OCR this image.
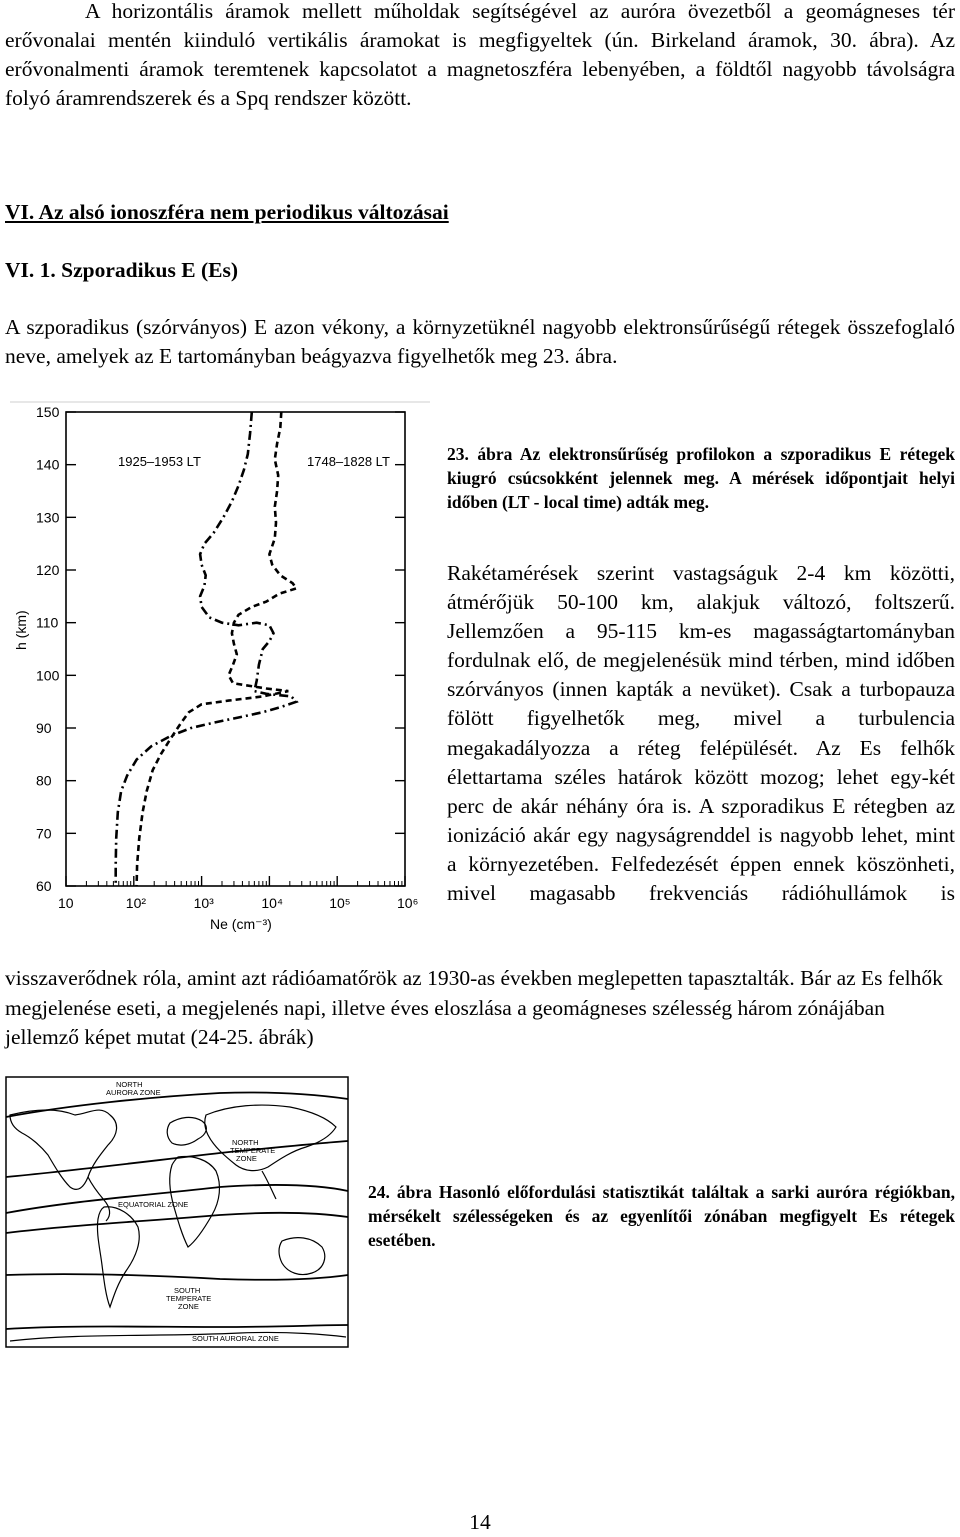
A horizontális áramok mellett műholdak segítségével az auróra övezetből a geomágneses tér erővonalai mentén kiinduló vertikális áramokat is megfigyeltek (ún. Birkeland áramok, 30. ábra). Az erővonalmenti áramok teremtenek kapcsolatot a magnetoszféra lebenyében, a földtől nagyobb távolságra folyó áramrendszerek és a Spq rendszer között.

VI. Az alsó ionoszféra nem periodikus változásai
VI. 1. Szporadikus E (Es)

A szporadikus (szórványos) E azon vékony, a környzetüknél nagyobb elektronsűrűségű rétegek összefoglaló neve, amelyek az E tartományban beágyazva figyelhetők meg 23. ábra.

150
140
130
120
110
100
90
80
70
60
10	10²	10³	10⁴	10⁵	10⁶
1925–1953 LT	1748–1828 LT
Ne (cm⁻³)
h (km)

23. ábra Az elektronsűrűség profilokon a szporadikus E rétegek kiugró csúcsokként jelennek meg. A mérések időpontjait helyi időben (LT - local time) adták meg.

Rakétamérések szerint vastagságuk 2-4 km közötti, átmérőjük 50-100 km, alakjuk változó, foltszerű. Jellemzően a 95-115 km-es magasságtartományban fordulnak elő, de megjelenésük mind térben, mind időben szórványos (innen kapták a nevüket). Csak a turbopauza fölött figyelhetők meg, mivel a turbulencia megakadályozza a réteg felépülését. Az Es felhők élettartama széles határok között mozog; lehet egy-két perc de akár néhány óra is. A szporadikus E rétegben az ionizáció akár egy nagyságrenddel is nagyobb lehet, mint a környezetében. Felfedezését éppen ennek köszönheti, mivel magasabb frekvenciás rádióhullámok is

visszaverődnek róla, amint azt rádióamatőrök az 1930-as években meglepetten tapasztalták. Bár az Es felhők megjelenése eseti, a megjelenés napi, illetve éves eloszlása a geomágneses szélesség három zónájában jellemző képet mutat (24-25. ábrák)

NORTH
AURORA ZONE
NORTH
TEMPERATE
ZONE
EQUATORIAL ZONE
SOUTH
TEMPERATE
ZONE
SOUTH AURORAL ZONE

24. ábra Hasonló előfordulási statisztikát találtak a sarki auróra régiókban, mérsékelt szélességeken és az egyenlítői zónában megfigyelt Es rétegek esetében.

14
